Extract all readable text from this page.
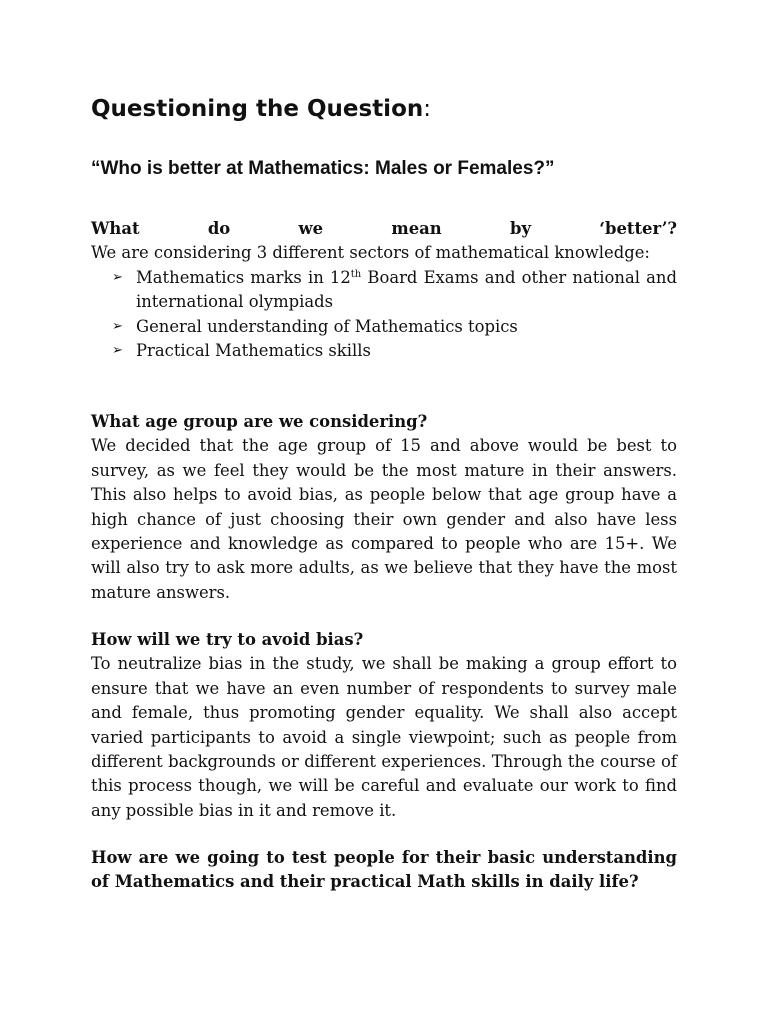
Questioning the Question:
“Who is better at Mathematics: Males or Females?”

What do we mean by ‘better’?

We are considering 3 different sectors of mathematical knowledge:

➢ Mathematics marks in 12th Board Exams and other national and international olympiads
➢ General understanding of Mathematics topics
➢ Practical Mathematics skills

What age group are we considering?

We decided that the age group of 15 and above would be best to survey, as we feel they would be the most mature in their answers. This also helps to avoid bias, as people below that age group have a high chance of just choosing their own gender and also have less experience and knowledge as compared to people who are 15+. We will also try to ask more adults, as we believe that they have the most mature answers.

How will we try to avoid bias?

To neutralize bias in the study, we shall be making a group effort to ensure that we have an even number of respondents to survey male and female, thus promoting gender equality. We shall also accept varied participants to avoid a single viewpoint; such as people from different backgrounds or different experiences. Through the course of this process though, we will be careful and evaluate our work to find any possible bias in it and remove it.

How are we going to test people for their basic understanding of Mathematics and their practical Math skills in daily life?
